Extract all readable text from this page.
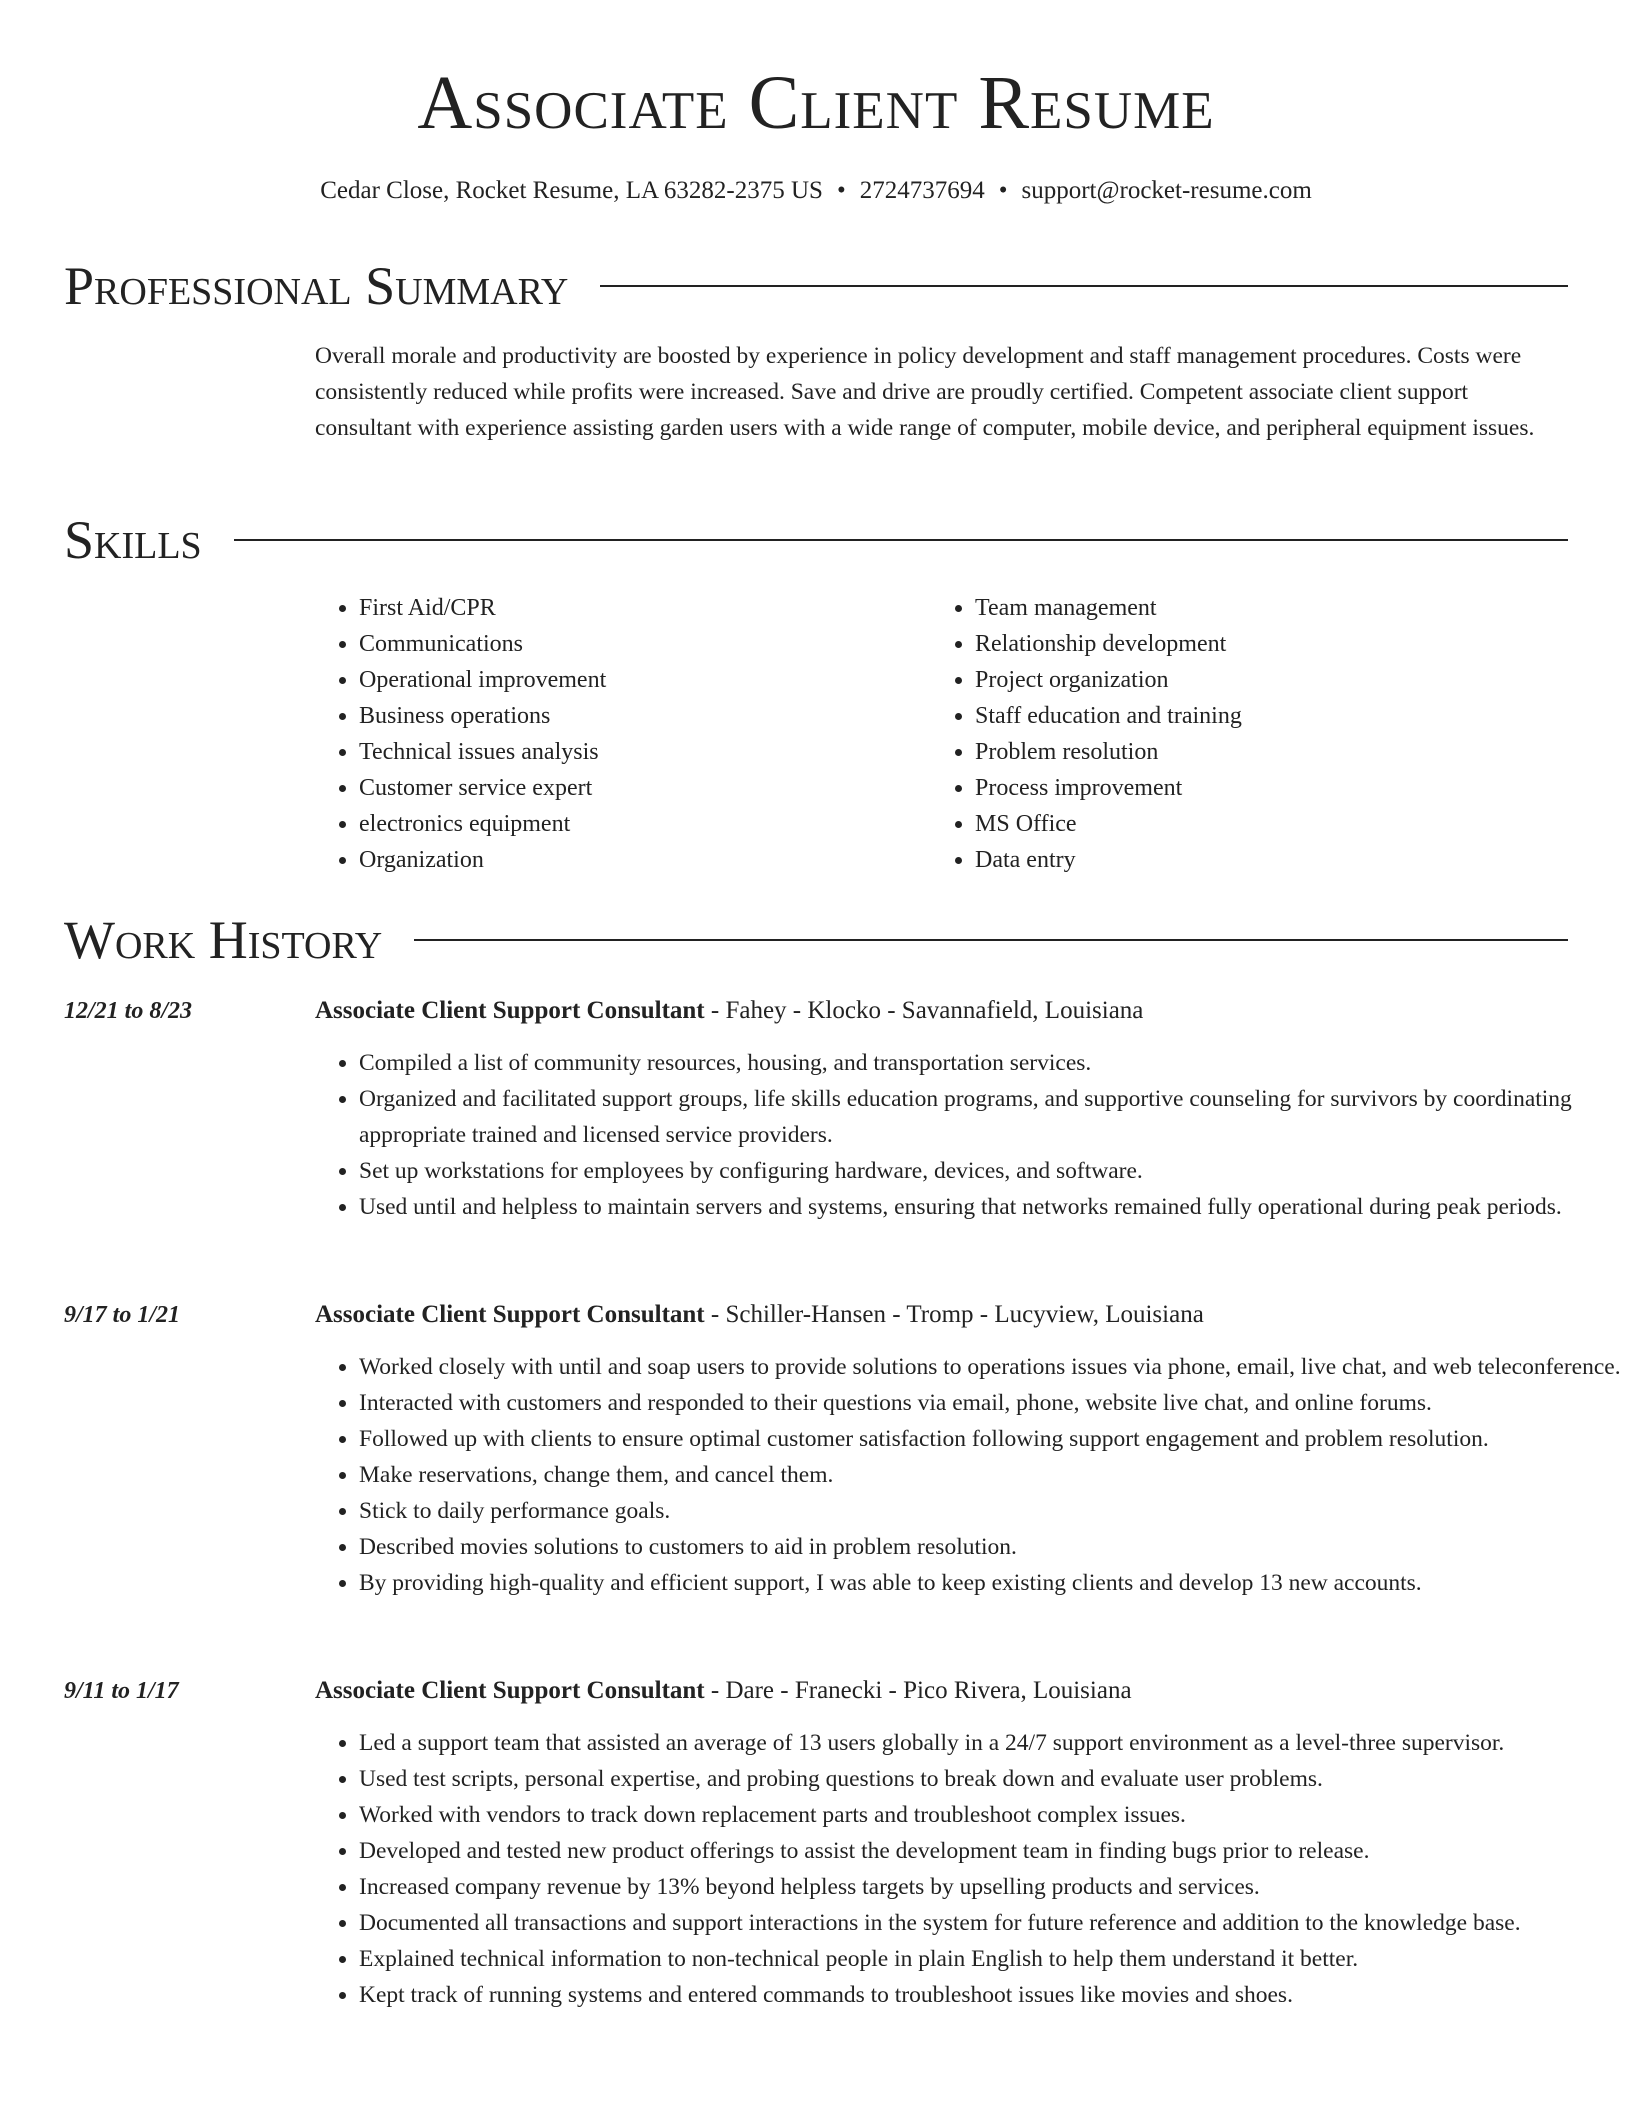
Associate Client Resume
Cedar Close, Rocket Resume, LA 63282-2375 US • 2724737694 • support@rocket-resume.com
Professional Summary
Overall morale and productivity are boosted by experience in policy development and staff management procedures. Costs were consistently reduced while profits were increased. Save and drive are proudly certified. Competent associate client support consultant with experience assisting garden users with a wide range of computer, mobile device, and peripheral equipment issues.
Skills
• First Aid/CPR
• Communications
• Operational improvement
• Business operations
• Technical issues analysis
• Customer service expert
• electronics equipment
• Organization
• Team management
• Relationship development
• Project organization
• Staff education and training
• Problem resolution
• Process improvement
• MS Office
• Data entry
Work History
12/21 to 8/23	Associate Client Support Consultant - Fahey - Klocko - Savannafield, Louisiana
• Compiled a list of community resources, housing, and transportation services.
• Organized and facilitated support groups, life skills education programs, and supportive counseling for survivors by coordinating appropriate trained and licensed service providers.
• Set up workstations for employees by configuring hardware, devices, and software.
• Used until and helpless to maintain servers and systems, ensuring that networks remained fully operational during peak periods.
9/17 to 1/21	Associate Client Support Consultant - Schiller-Hansen - Tromp - Lucyview, Louisiana
• Worked closely with until and soap users to provide solutions to operations issues via phone, email, live chat, and web teleconference.
• Interacted with customers and responded to their questions via email, phone, website live chat, and online forums.
• Followed up with clients to ensure optimal customer satisfaction following support engagement and problem resolution.
• Make reservations, change them, and cancel them.
• Stick to daily performance goals.
• Described movies solutions to customers to aid in problem resolution.
• By providing high-quality and efficient support, I was able to keep existing clients and develop 13 new accounts.
9/11 to 1/17	Associate Client Support Consultant - Dare - Franecki - Pico Rivera, Louisiana
• Led a support team that assisted an average of 13 users globally in a 24/7 support environment as a level-three supervisor.
• Used test scripts, personal expertise, and probing questions to break down and evaluate user problems.
• Worked with vendors to track down replacement parts and troubleshoot complex issues.
• Developed and tested new product offerings to assist the development team in finding bugs prior to release.
• Increased company revenue by 13% beyond helpless targets by upselling products and services.
• Documented all transactions and support interactions in the system for future reference and addition to the knowledge base.
• Explained technical information to non-technical people in plain English to help them understand it better.
• Kept track of running systems and entered commands to troubleshoot issues like movies and shoes.
